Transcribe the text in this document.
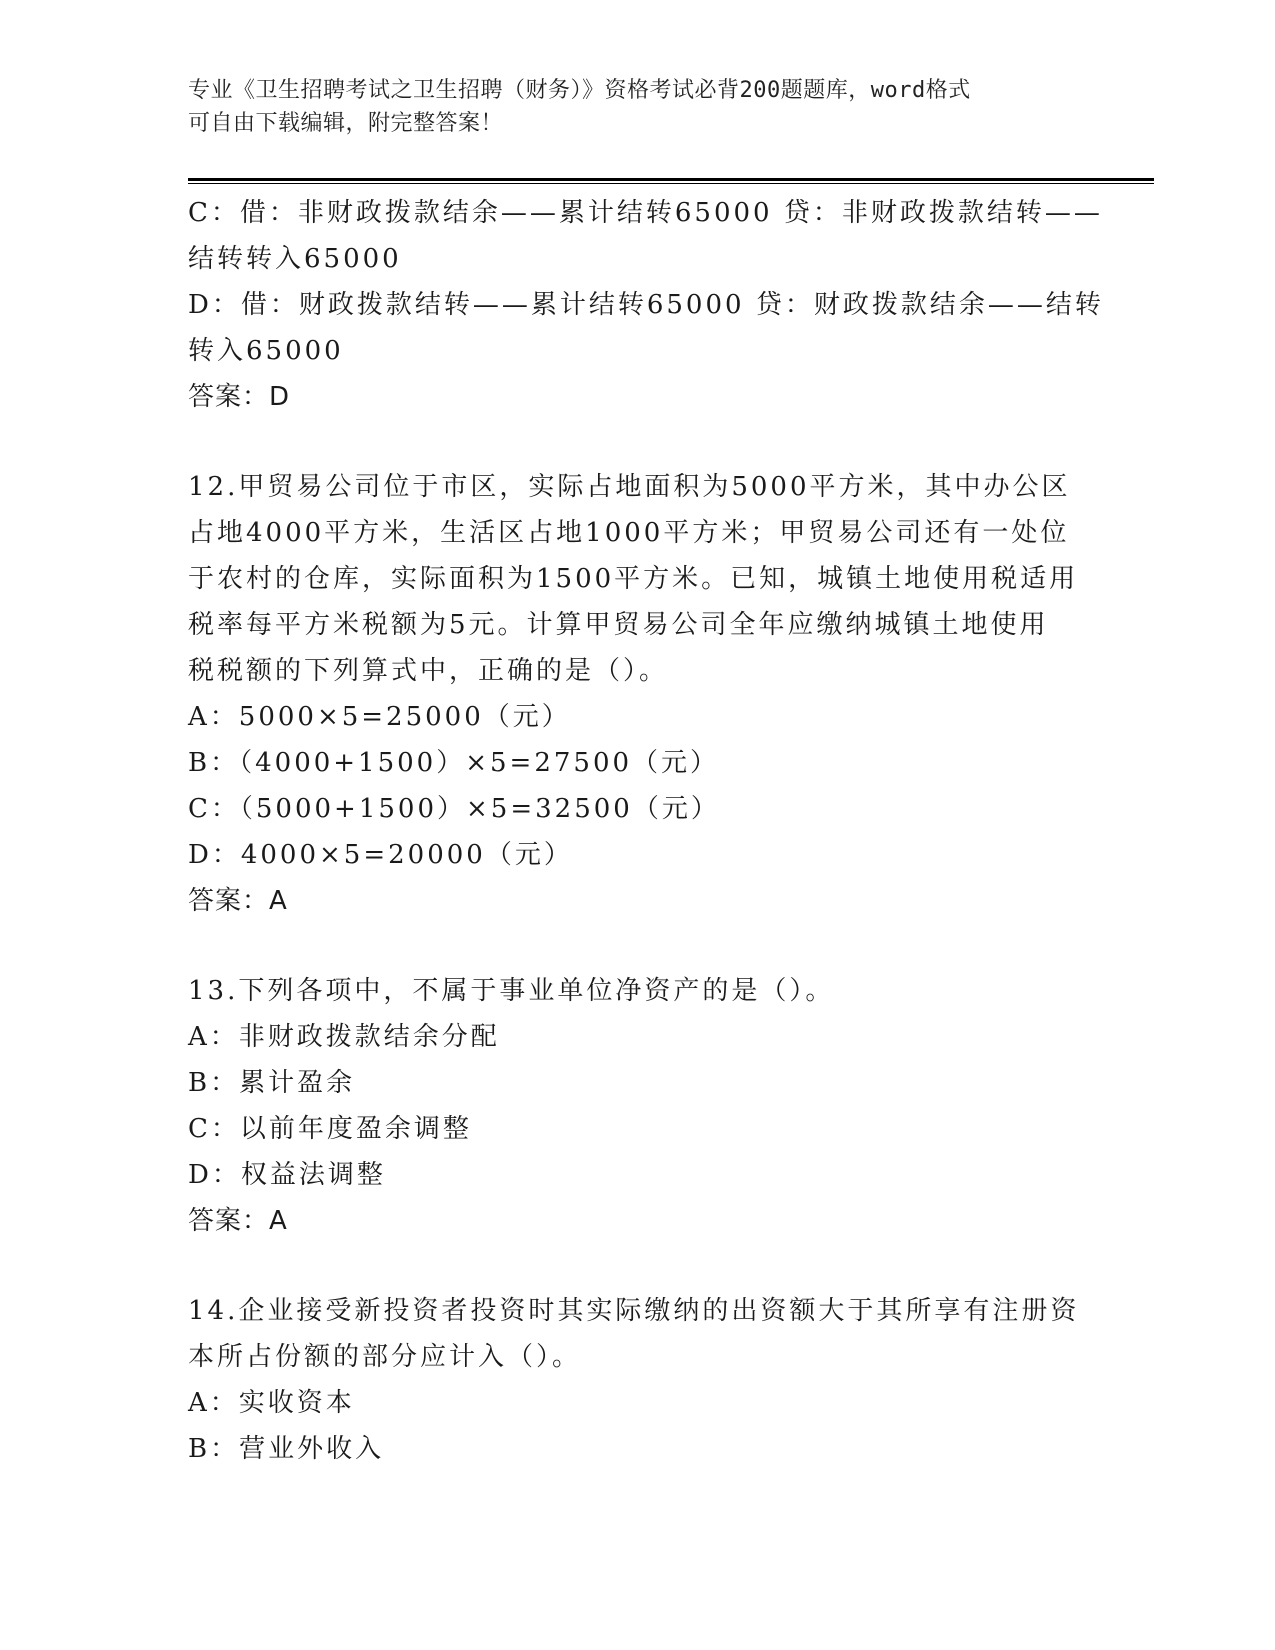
专业《卫生招聘考试之卫生招聘（财务）》资格考试必背200题题库，word格式
可自由下载编辑，附完整答案！
C：借：非财政拨款结余——累计结转65000 贷：非财政拨款结转——
结转转入65000
D：借：财政拨款结转——累计结转65000 贷：财政拨款结余——结转
转入65000
答案：D
12.甲贸易公司位于市区，实际占地面积为5000平方米，其中办公区
占地4000平方米，生活区占地1000平方米；甲贸易公司还有一处位
于农村的仓库，实际面积为1500平方米。已知，城镇土地使用税适用
税率每平方米税额为5元。计算甲贸易公司全年应缴纳城镇土地使用
税税额的下列算式中，正确的是（）。
A：5000×5=25000（元）
B：（4000+1500）×5=27500（元）
C：（5000+1500）×5=32500（元）
D：4000×5=20000（元）
答案：A
13.下列各项中，不属于事业单位净资产的是（）。
A：非财政拨款结余分配
B：累计盈余
C：以前年度盈余调整
D：权益法调整
答案：A
14.企业接受新投资者投资时其实际缴纳的出资额大于其所享有注册资
本所占份额的部分应计入（）。
A：实收资本
B：营业外收入
